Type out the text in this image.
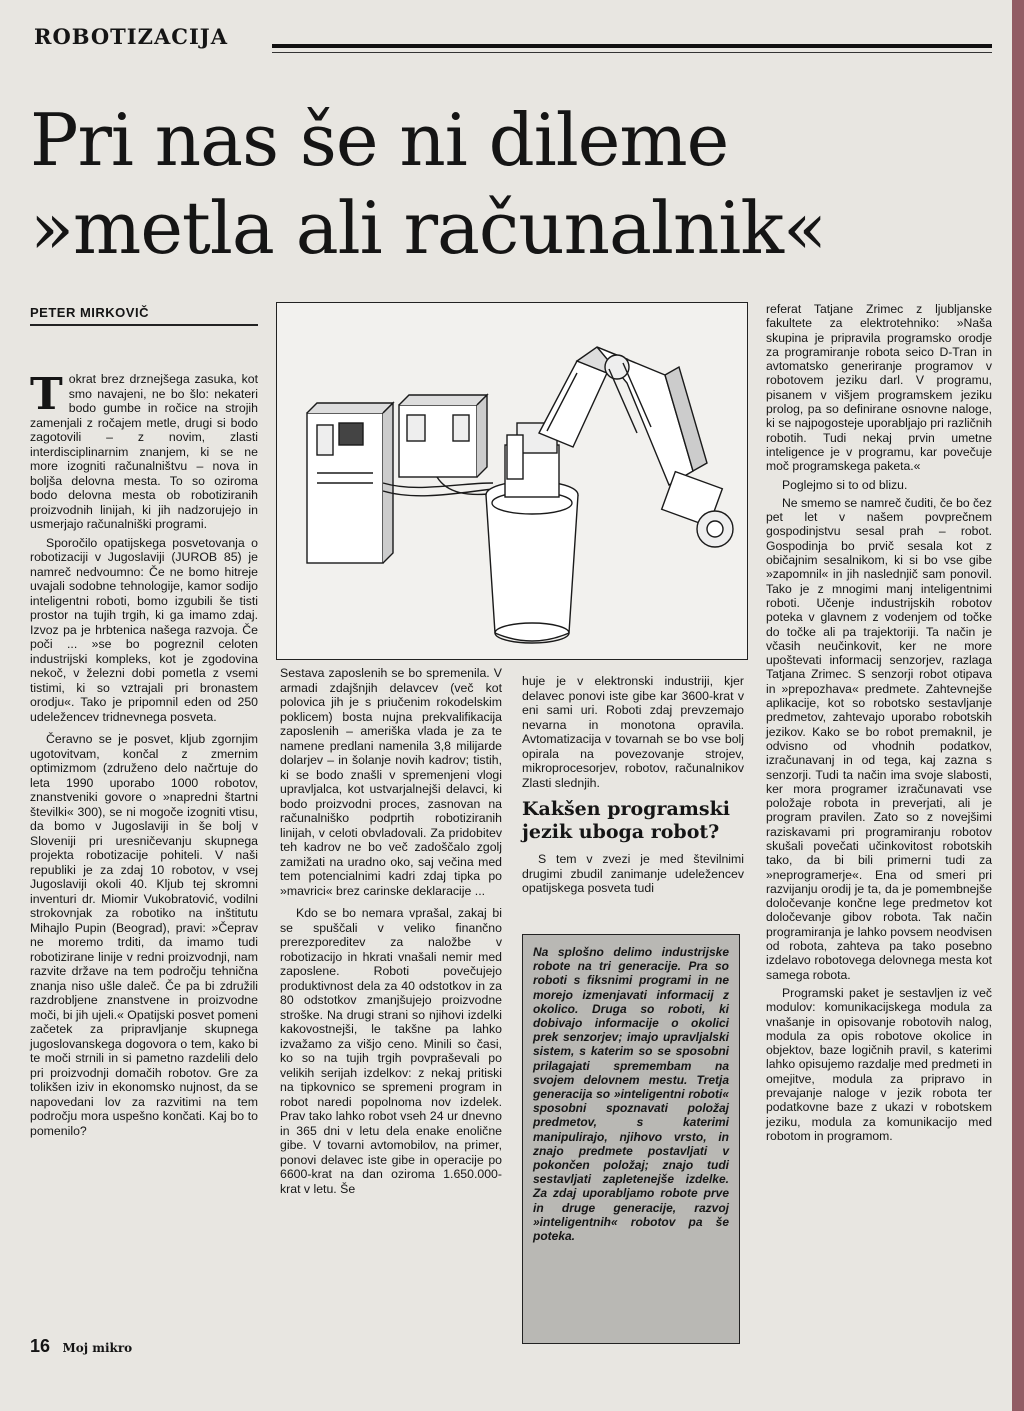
ROBOTIZACIJA
Pri nas še ni dileme
»metla ali računalnik«
PETER MIRKOVIČ

Tokrat brez drznejšega zasuka, kot smo navajeni, ne bo šlo: nekateri bodo gumbe in ročice na strojih zamenjali z ročajem metle, drugi si bodo zagotovili – z novim, zlasti interdisciplinarnim znanjem, ki se ne more izogniti računalništvu – nova in boljša delovna mesta. To so oziroma bodo delovna mesta ob robotiziranih proizvodnih linijah, ki jih nadzorujejo in usmerjajo računalniški programi.

Sporočilo opatijskega posvetovanja o robotizaciji v Jugoslaviji (JUROB 85) je namreč nedvoumno: Če ne bomo hitreje uvajali sodobne tehnologije, kamor sodijo inteligentni roboti, bomo izgubili še tisti prostor na tujih trgih, ki ga imamo zdaj. Izvoz pa je hrbtenica našega razvoja. Če poči ... »se bo pogreznil celoten industrijski kompleks, kot je zgodovina nekoč, v železni dobi pometla z vsemi tistimi, ki so vztrajali pri bronastem orodju«. Tako je pripomnil eden od 250 udeležencev tridnevnega posveta.

Čeravno se je posvet, kljub zgornjim ugotovitvam, končal z zmernim optimizmom (združeno delo načrtuje do leta 1990 uporabo 1000 robotov, znanstveniki govore o »napredni štartni številki« 300), se ni mogoče izogniti vtisu, da bomo v Jugoslaviji in še bolj v Sloveniji pri uresničevanju skupnega projekta robotizacije pohiteli. V naši republiki je za zdaj 10 robotov, v vsej Jugoslaviji okoli 40. Kljub tej skromni inventuri dr. Miomir Vukobratović, vodilni strokovnjak za robotiko na inštitutu Mihajlo Pupin (Beograd), pravi: »Čeprav ne moremo trditi, da imamo tudi robotiziranе linije v redni proizvodnji, nam razvite države na tem področju tehnična znanja niso ušle daleč. Če pa bi združili razdrobljene znanstvene in proizvodne moči, bi jih ujeli.« Opatijski posvet pomeni začetek za pripravljanje skupnega jugoslovanskega dogovora o tem, kako bi te moči strnili in si pametno razdelili delo pri proizvodnji domačih robotov. Gre za tolikšen iziv in ekonomsko nujnost, da se napovedani lov za razvitimi na tem področju mora uspešno končati. Kaj bo to pomenilo?

Sestava zaposlenih se bo spremenila. V armadi zdajšnjih delavcev (več kot polovica jih je s priučenim rokodelskim poklicem) bosta nujna prekvalifikacija zaposlenih – ameriška vlada je za te namene predlani namenila 3,8 milijarde dolarjev – in šolanje novih kadrov; tistih, ki se bodo znašli v spremenjeni vlogi upravljalca, kot ustvarjalnejši delavci, ki bodo proizvodni proces, zasnovan na računalniško podprtih robotiziranih linijah, v celoti obvladovali. Za pridobitev teh kadrov ne bo več zadoščalo zgolj zamižati na uradno oko, saj večina med tem potencialnimi kadri zdaj tipka po »mavrici« brez carinske deklaracije ...

Kdo se bo nemara vprašal, zakaj bi se spuščali v veliko finančno prerezporeditev za naložbe v robotizacijo in hkrati vnašali nemir med zaposlene. Roboti povečujejo produktivnost dela za 40 odstotkov in za 80 odstotkov zmanjšujejo proizvodne stroške. Na drugi strani so njihovi izdelki kakovostnejši, le takšne pa lahko izvažamo za višjo ceno. Minili so časi, ko so na tujih trgih povpraševali po velikih serijah izdelkov: z nekaj pritiski na tipkovnico se spremeni program in robot naredi popolnoma nov izdelek. Prav tako lahko robot vseh 24 ur dnevno in 365 dni v letu dela enake enolične gibe. V tovarni avtomobilov, na primer, ponovi delavec iste gibe in operacije po 6600-krat na dan oziroma 1.650.000-krat v letu. Še

huje je v elektronski industriji, kjer delavec ponovi iste gibe kar 3600-krat v eni sami uri. Roboti zdaj prevzemajo nevarna in monotona opravila. Avtomatizacija v tovarnah se bo vse bolj opirala na povezovanje strojev, mikroprocesorjev, robotov, računalnikov Zlasti slednjih.

Kakšen programski jezik uboga robot?

S tem v zvezi je med številnimi drugimi zbudil zanimanje udeležencev opatijskega posveta tudi

Na splošno delimo industrijske robote na tri generacije. Pra so roboti s fiksnimi programi in ne morejo izmenjavati informacij z okolico. Druga so roboti, ki dobivajo informacije o okolici prek senzorjev; imajo upravljalski sistem, s katerim so se sposobni prilagajati spremembam na svojem delovnem mestu. Tretja generacija so »inteligentni roboti« sposobni spoznavati položaj predmetov, s katerimi manipulirajo, njihovo vrsto, in znajo predmete postavljati v pokončen položaj; znajo tudi sestavljati zapletenejše izdelke. Za zdaj uporabljamo robote prve in druge generacije, razvoj »inteligentnih« robotov pa še poteka.

referat Tatjane Zrimec z ljubljanske fakultete za elektrotehniko: »Naša skupina je pripravila programsko orodje za programiranje robota seico D-Tran in avtomatsko generiranje programov v robotovem jeziku darl. V programu, pisanem v višjem programskem jeziku prolog, pa so definirane osnovne naloge, ki se najpogosteje uporabljajo pri različnih robotih. Tudi nekaj prvin umetne inteligence je v programu, kar povečuje moč programskega paketa.«

Poglejmo si to od blizu.

Ne smemo se namreč čuditi, če bo čez pet let v našem povprečnem gospodinjstvu sesal prah – robot. Gospodinja bo prvič sesala kot z običajnim sesalnikom, ki si bo vse gibe »zapomnil« in jih naslednjič sam ponovil. Tako je z mnogimi manj inteligentnimi roboti. Učenje industrijskih robotov poteka v glavnem z vodenjem od točke do točke ali pa trajektoriji. Ta način je včasih neučinkovit, ker ne more upoštevati informacij senzorjev, razlaga Tatjana Zrimec. S senzorji robot otipava in »prepozhava« predmete. Zahtevnejše aplikacije, kot so robotsko sestavljanje predmetov, zahtevajo uporabo robotskih jezikov. Kako se bo robot premaknil, je odvisno od vhodnih podatkov, izračunavanj in od tega, kaj zazna s senzorji. Tudi ta način ima svoje slabosti, ker mora programer izračunavati vse položaje robota in preverjati, ali je program pravilen. Zato so z novejšimi raziskavami pri programiranju robotov skušali povečati učinkovitost robotskih tako, da bi bili primerni tudi za »neprogramerje«. Ena od smeri pri razvijanju orodij je ta, da je pomembnejše določevanje končne lege predmetov kot določevanje gibov robota. Tak način programiranja je lahko povsem neodvisen od robota, zahteva pa tako posebno izdelavo robotovega delovnega mesta kot samega robota.

Programski paket je sestavljen iz več modulov: komunikacijskega modula za vnašanje in opisovanje robotovih nalog, modula za opis robotove okolice in objektov, baze logičnih pravil, s katerimi lahko opisujemo razdalje med predmeti in omejitve, modula za pripravo in prevajanje naloge v jezik robota ter podatkovne baze z ukazi v robotskem jeziku, modula za komunikacijo med robotom in programom.

16 Moj mikro
